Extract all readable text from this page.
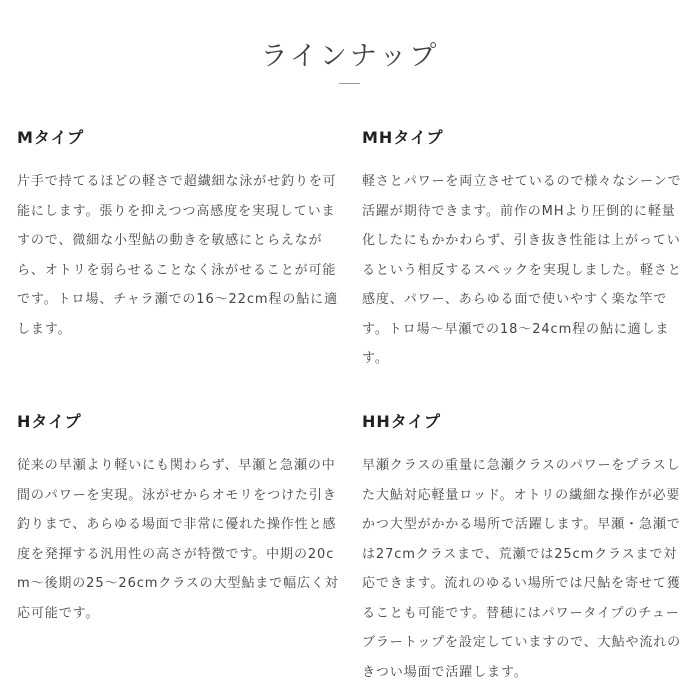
ラインナップ
Mタイプ

片手で持てるほどの軽さで超繊細な泳がせ釣りを可能にします。張りを抑えつつ高感度を実現していますので、微細な小型鮎の動きを敏感にとらえながら、オトリを弱らせることなく泳がせることが可能です。トロ場、チャラ瀬での16〜22cm程の鮎に適します。

MHタイプ

軽さとパワーを両立させているので様々なシーンで活躍が期待できます。前作のMHより圧倒的に軽量化したにもかかわらず、引き抜き性能は上がっているという相反するスペックを実現しました。軽さと感度、パワー、あらゆる面で使いやすく楽な竿です。トロ場〜早瀬での18〜24cm程の鮎に適します。

Hタイプ

従来の早瀬より軽いにも関わらず、早瀬と急瀬の中間のパワーを実現。泳がせからオモリをつけた引き釣りまで、あらゆる場面で非常に優れた操作性と感度を発揮する汎用性の高さが特徴です。中期の20cm〜後期の25〜26cmクラスの大型鮎まで幅広く対応可能です。

HHタイプ

早瀬クラスの重量に急瀬クラスのパワーをプラスした大鮎対応軽量ロッド。オトリの繊細な操作が必要かつ大型がかかる場所で活躍します。早瀬・急瀬では27cmクラスまで、荒瀬では25cmクラスまで対応できます。流れのゆるい場所では尺鮎を寄せて獲ることも可能です。替穂にはパワータイプのチューブラートップを設定していますので、大鮎や流れのきつい場面で活躍します。
